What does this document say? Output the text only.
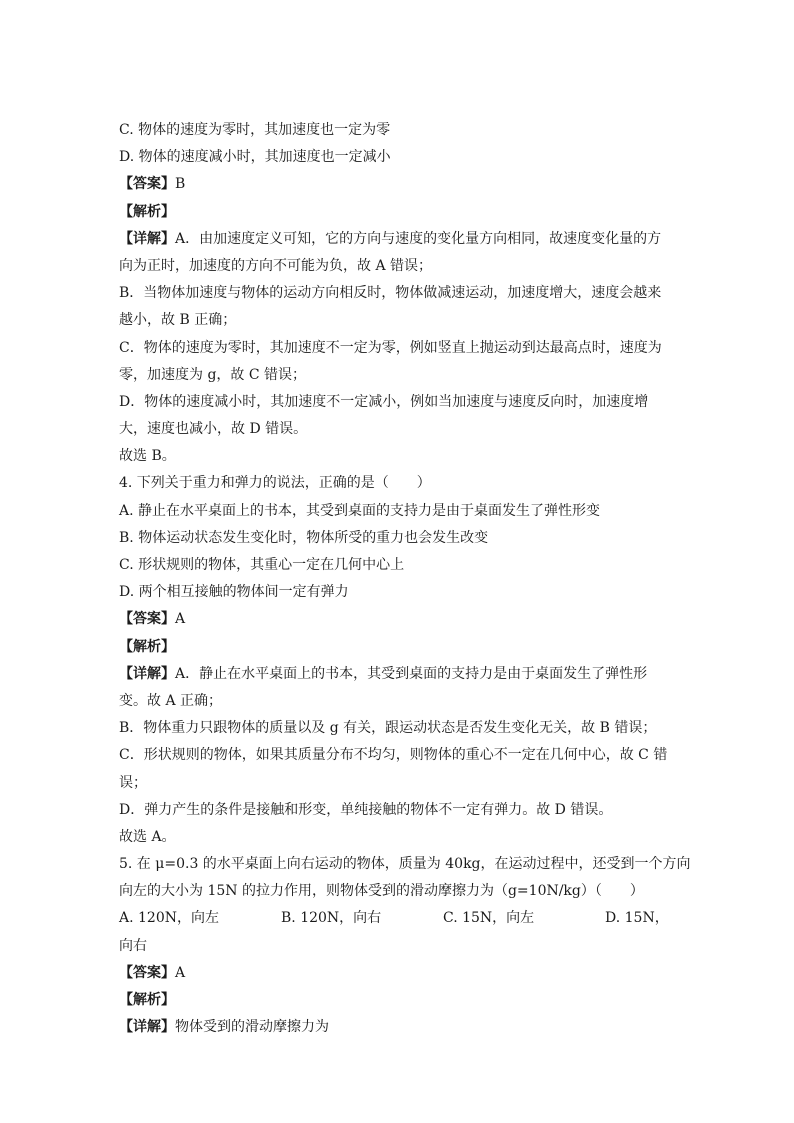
C. 物体的速度为零时，其加速度也一定为零
D. 物体的速度减小时，其加速度也一定减小
【答案】B
【解析】
【详解】A．由加速度定义可知，它的方向与速度的变化量方向相同，故速度变化量的方
向为正时，加速度的方向不可能为负，故 A 错误；
B．当物体加速度与物体的运动方向相反时，物体做减速运动，加速度增大，速度会越来
越小，故 B 正确；
C．物体的速度为零时，其加速度不一定为零，例如竖直上抛运动到达最高点时，速度为
零，加速度为 g，故 C 错误；
D．物体的速度减小时，其加速度不一定减小，例如当加速度与速度反向时，加速度增
大，速度也减小，故 D 错误。
故选 B。
4. 下列关于重力和弹力的说法，正确的是（　　）
A. 静止在水平桌面上的书本，其受到桌面的支持力是由于桌面发生了弹性形变
B. 物体运动状态发生变化时，物体所受的重力也会发生改变
C. 形状规则的物体，其重心一定在几何中心上
D. 两个相互接触的物体间一定有弹力
【答案】A
【解析】
【详解】A．静止在水平桌面上的书本，其受到桌面的支持力是由于桌面发生了弹性形
变。故 A 正确；
B．物体重力只跟物体的质量以及 g 有关，跟运动状态是否发生变化无关，故 B 错误；
C．形状规则的物体，如果其质量分布不均匀，则物体的重心不一定在几何中心，故 C 错
误；
D．弹力产生的条件是接触和形变，单纯接触的物体不一定有弹力。故 D 错误。
故选 A。
5. 在 μ=0.3 的水平桌面上向右运动的物体，质量为 40kg，在运动过程中，还受到一个方向
向左的大小为 15N 的拉力作用，则物体受到的滑动摩擦力为（g=10N/kg）（　　）
A. 120N，向左	B. 120N，向右	C. 15N，向左	D. 15N，
向右
【答案】A
【解析】
【详解】物体受到的滑动摩擦力为
